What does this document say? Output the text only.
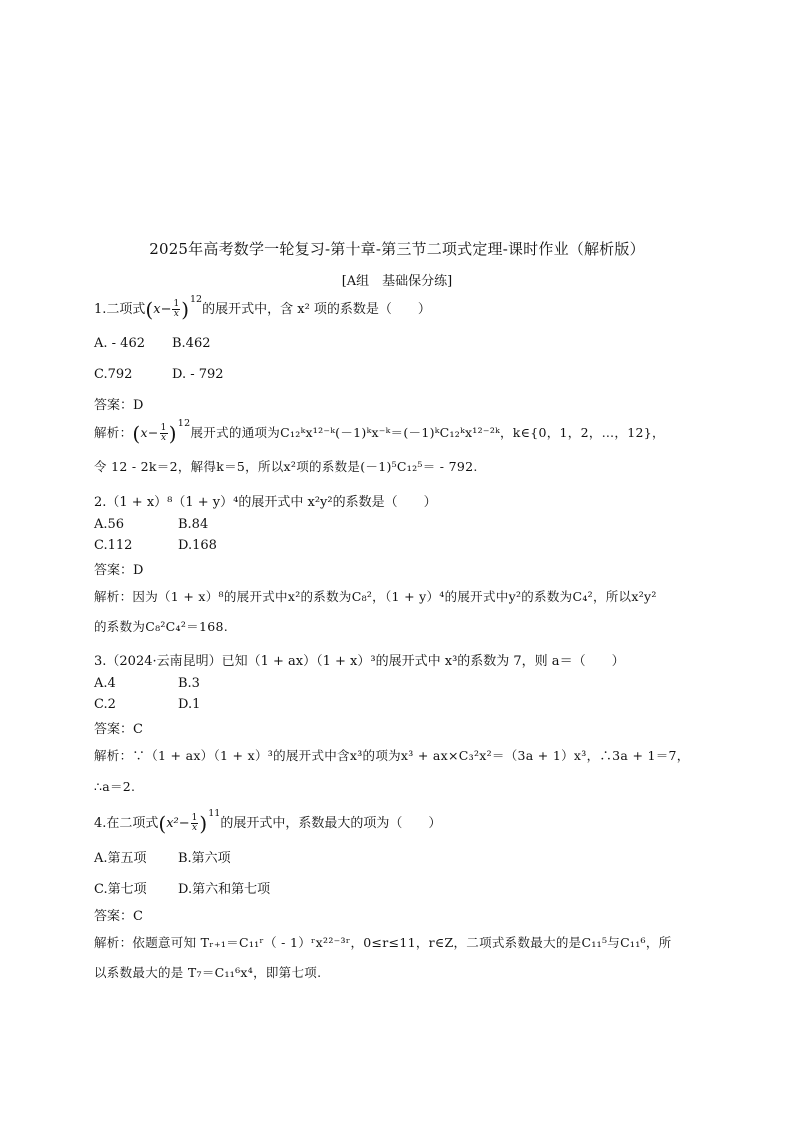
2025年高考数学一轮复习-第十章-第三节二项式定理-课时作业（解析版）
[A组　基础保分练]
1.二项式$(x- \frac{1}{x} )^{12}$的展开式中，含 x² 项的系数是（　　）
A. - 462 B.462
C.792	D. - 792
答案：D
解析：$(x- \frac{1}{x} )^{12}$展开式的通项为C₁₂ᵏx¹²⁻ᵏ(－1)ᵏx⁻ᵏ＝(－1)ᵏC₁₂ᵏx¹²⁻²ᵏ，k∈{0，1，2，…，12}，
令 12 - 2k＝2，解得k＝5，所以x²项的系数是(－1)⁵C₁₂⁵＝ - 792.
2.（1 + x）⁸（1 + y）⁴的展开式中 x²y²的系数是（　　）
A.56	B.84
C.112	D.168
答案：D
解析：因为（1 + x）⁸的展开式中x²的系数为C₈²，（1 + y）⁴的展开式中y²的系数为C₄²，所以x²y²
的系数为C₈²C₄²＝168.
3.（2024·云南昆明）已知（1 + ax）（1 + x）³的展开式中 x³的系数为 7，则 a＝（　　）
A.4	B.3
C.2	D.1
答案：C
解析：∵（1 + ax）（1 + x）³的展开式中含x³的项为x³ + ax×C₃²x²＝（3a + 1）x³，∴3a + 1＝7，
∴a＝2.
4.在二项式$(x^2- \frac{1}{x} )^{11}$的展开式中，系数最大的项为（　　）
A.第五项 B.第六项
C.第七项 D.第六和第七项
答案：C
解析：依题意可知 Tᵣ₊₁＝C₁₁ʳ（ - 1）ʳx²²⁻³ʳ，0≤r≤11，r∈Z，二项式系数最大的是C₁₁⁵与C₁₁⁶，所
以系数最大的是 T₇＝C₁₁⁶x⁴，即第七项.
